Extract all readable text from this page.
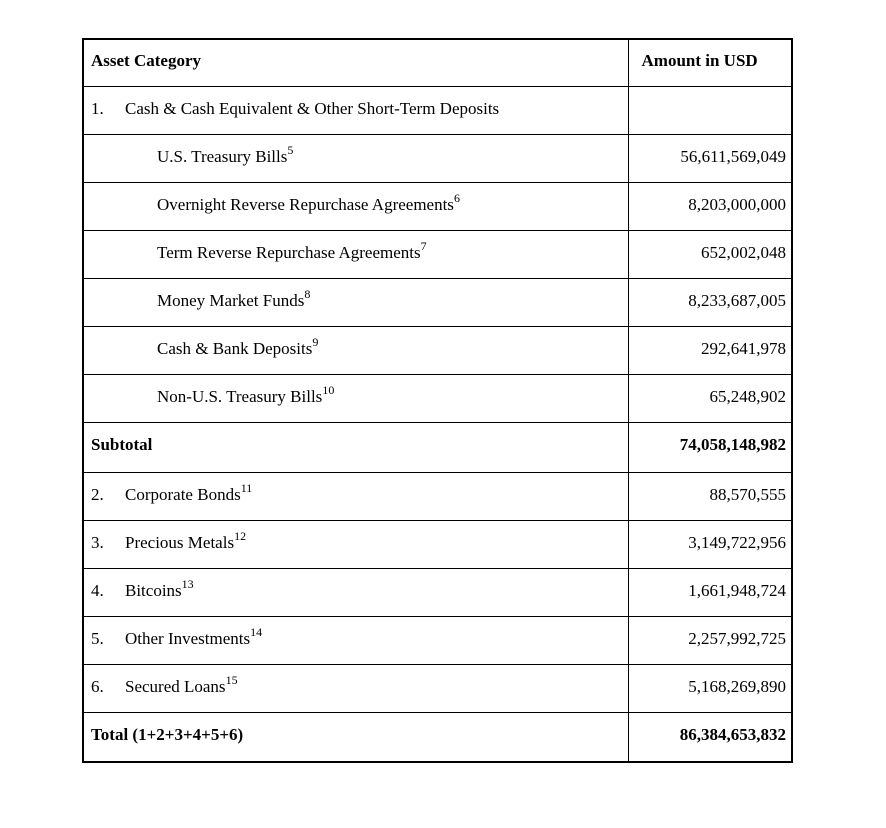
Asset Category	Amount in USD
1. Cash & Cash Equivalent & Other Short-Term Deposits	
U.S. Treasury Bills$^5$	56,611,569,049
Overnight Reverse Repurchase Agreements$^6$	8,203,000,000
Term Reverse Repurchase Agreements$^7$	652,002,048
Money Market Funds$^8$	8,233,687,005
Cash & Bank Deposits$^9$	292,641,978
Non-U.S. Treasury Bills$^{10}$	65,248,902
Subtotal	74,058,148,982
2. Corporate Bonds$^{11}$	88,570,555
3. Precious Metals$^{12}$	3,149,722,956
4. Bitcoins$^{13}$	1,661,948,724
5. Other Investments$^{14}$	2,257,992,725
6. Secured Loans$^{15}$	5,168,269,890
Total (1+2+3+4+5+6)	86,384,653,832
